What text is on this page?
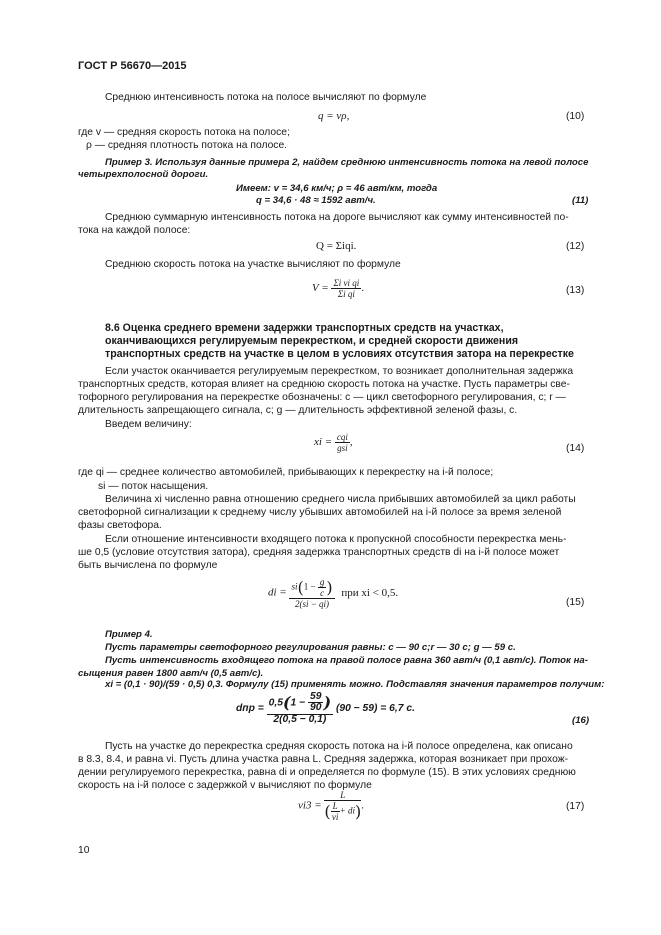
ГОСТ Р 56670—2015
Среднюю интенсивность потока на полосе вычисляют по формуле
q = vρ,	(10)
где v — средняя скорость потока на полосе;
ρ — средняя плотность потока на полосе.
Пример 3. Используя данные примера 2, найдем среднюю интенсивность потока на левой полосе
четырехполосной дороги.
Имеем: v = 34,6 км/ч; ρ = 46 авт/км, тогда
q = 34,6 · 48 ≈ 1592 авт/ч.	(11)
Среднюю суммарную интенсивность потока на дороге вычисляют как сумму интенсивностей по-
тока на каждой полосе:
Q = Σiqi.	(12)
Среднюю скорость потока на участке вычисляют по формуле
$V = \frac{\text{Σi vi qi}}{\text{Σi qi}}$ .	(13)
8.6 Оценка среднего времени задержки транспортных средств на участках,
оканчивающихся регулируемым перекрестком, и средней скорости движения
транспортных средств на участке в целом в условиях отсутствия затора на перекрестке
Если участок оканчивается регулируемым перекрестком, то возникает дополнительная задержка
транспортных средств, которая влияет на среднюю скорость потока на участке. Пусть параметры све-
тофорного регулирования на перекрестке обозначены: c — цикл светофорного регулирования, с; r —
длительность запрещающего сигнала, с; g — длительность эффективной зеленой фазы, с.
Введем величину:
xi = $\frac{\text{cqi}}{\text{gsi}}$ ,
(14)
где qi — среднее количество автомобилей, прибывающих к перекрестку на i-й полосе;
si — поток насыщения.
Величина xi численно равна отношению среднего числа прибывших автомобилей за цикл работы
светофорной сигнализации к среднему числу убывших автомобилей на i-й полосе за время зеленой
фазы светофора.
Если отношение интенсивности входящего потока к пропускной способности перекрестка мень-
ше 0,5 (условие отсутствия затора), средняя задержка транспортных средств di на i-й полосе может
быть вычислена по формуле
di = $\frac{si(1 - \frac{g}{c} )}{2(si - qi)}$ при xi < 0,5.
(15)
Пример 4.
Пусть параметры светофорного регулирования равны: c — 90 c;r — 30 c; g — 59 c.
Пусть интенсивность входящего потока на правой полосе равна 360 авт/ч (0,1 авт/с). Поток на-
сыщения равен 1800 авт/ч (0,5 авт/с).
xi = (0,1 · 90)/(59 · 0,5) 0,3. Формулу (15) применять можно. Подставляя значения параметров получим:
dпр = $\frac{0,5(1 - \frac{59}{90} )}{2(0,5 - 0,1)} (90 - 59) = 6,7$ c.
(16)
Пусть на участке до перекрестка средняя скорость потока на i-й полосе определена, как описано
в 8.3, 8.4, и равна vi. Пусть длина участка равна L. Средняя задержка, которая возникает при прохож-
дении регулируемого перекрестка, равна di и определяется по формуле (15). В этих условиях среднюю
скорость на i-й полосе с задержкой v вычисляют по формуле
$vi3 = \frac{L}{( \frac{L}{vi} + di)}$ .	(17)
10
